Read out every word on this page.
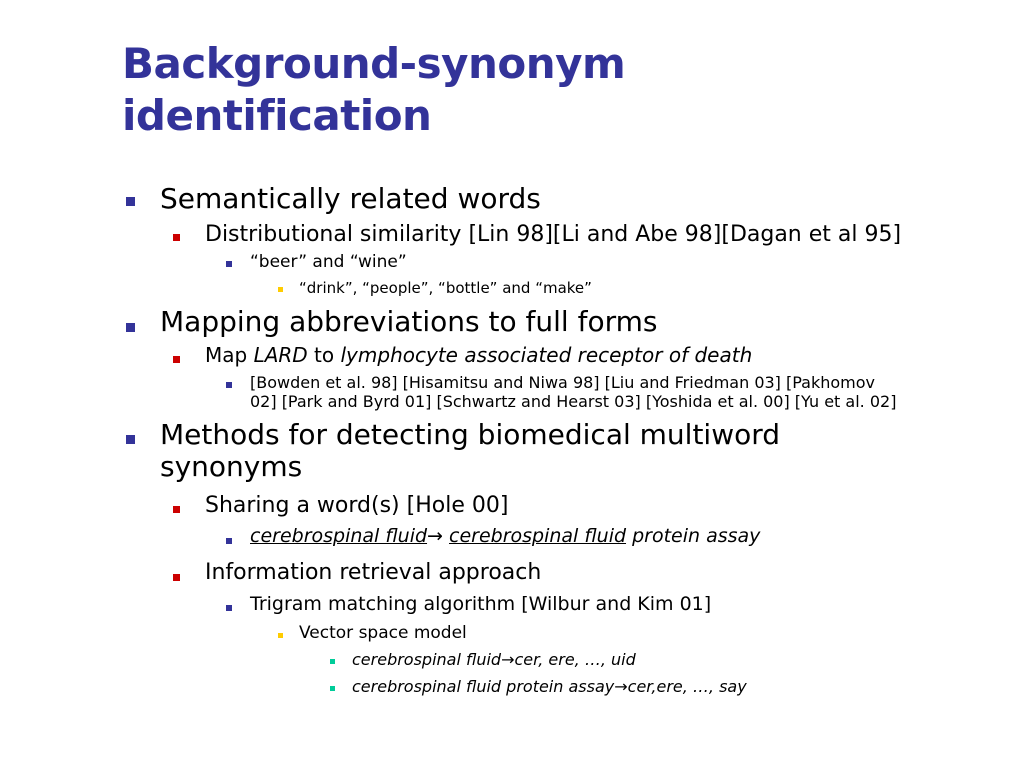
Background-synonym
identification
Semantically related words
Distributional similarity [Lin 98][Li and Abe 98][Dagan et al 95]
“beer” and “wine”
“drink”, “people”, “bottle” and “make”
Mapping abbreviations to full forms
Map LARD to lymphocyte associated receptor of death
[Bowden et al. 98] [Hisamitsu and Niwa 98] [Liu and Friedman 03] [Pakhomov
02] [Park and Byrd 01] [Schwartz and Hearst 03] [Yoshida et al. 00] [Yu et al. 02]
Methods for detecting biomedical multiword
synonyms
Sharing a word(s) [Hole 00]
cerebrospinal fluid→ cerebrospinal fluid protein assay
Information retrieval approach
Trigram matching algorithm [Wilbur and Kim 01]
Vector space model
cerebrospinal fluid→cer, ere, …, uid
cerebrospinal fluid protein assay→cer,ere, …, say
